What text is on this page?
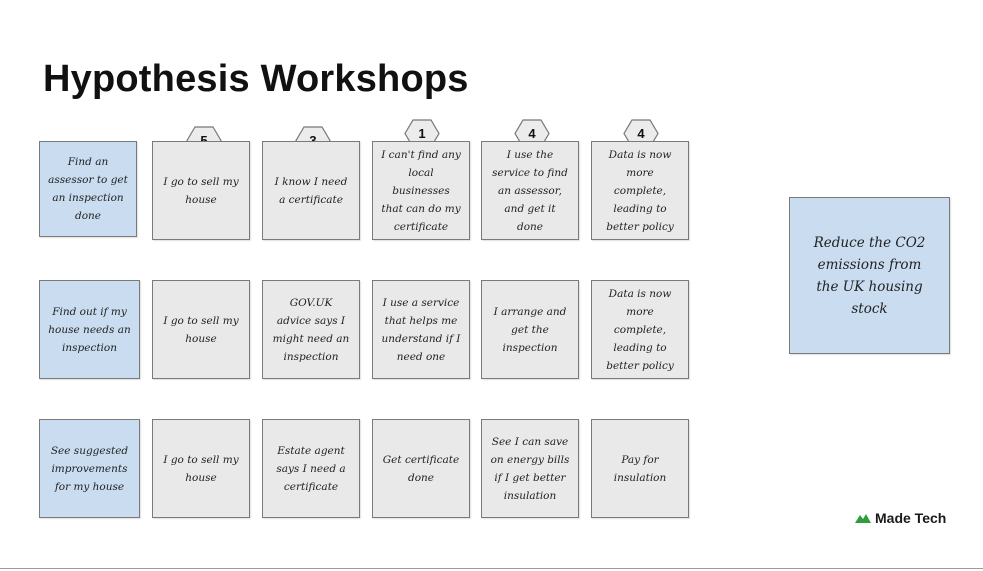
Hypothesis Workshops
1	4	4
Find an assessor to get an inspection done
I go to sell my house
I know I need a certificate
I can't find any local businesses that can do my certificate
I use the service to find an assessor, and get it done
Data is now more complete, leading to better policy
Find out if my house needs an inspection
I go to sell my house
GOV.UK advice says I might need an inspection
I use a service that helps me understand if I need one
I arrange and get the inspection
Data is now more complete, leading to better policy
See suggested improvements for my house
I go to sell my house
Estate agent says I need a certificate
Get certificate done
See I can save on energy bills if I get better insulation
Pay for insulation
Reduce the CO2 emissions from the UK housing stock
Made Tech
